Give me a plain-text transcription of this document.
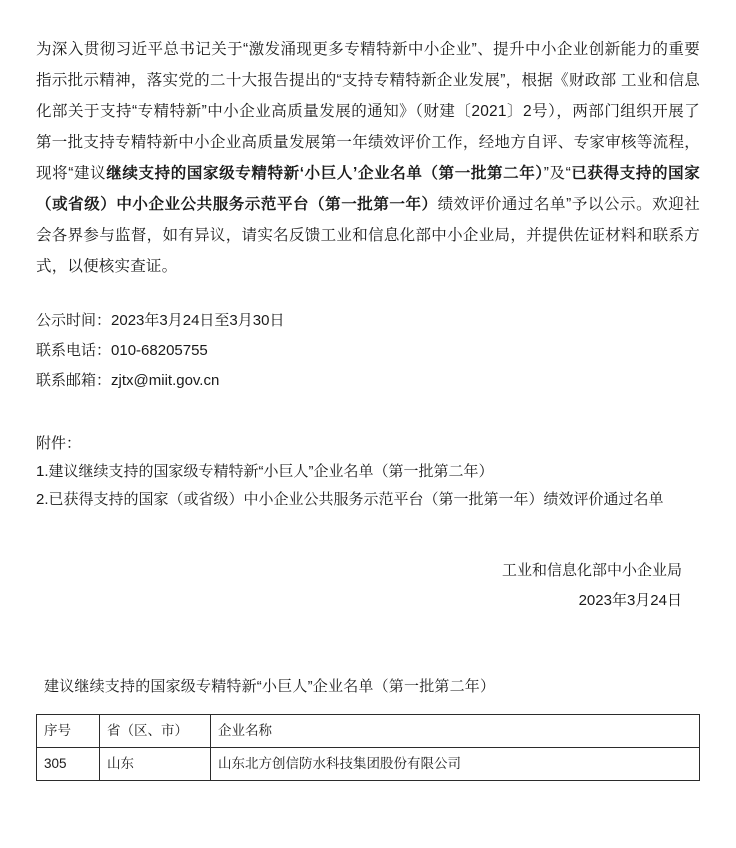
为深入贯彻习近平总书记关于“激发涌现更多专精特新中小企业”、提升中小企业创新能力的重要指示批示精神，落实党的二十大报告提出的“支持专精特新企业发展”，根据《财政部 工业和信息化部关于支持“专精特新”中小企业高质量发展的通知》（财建〔2021〕2号），两部门组织开展了第一批支持专精特新中小企业高质量发展第一年绩效评价工作，经地方自评、专家审核等流程，现将“建议继续支持的国家级专精特新‘小巨人’企业名单（第一批第二年）”及“已获得支持的国家（或省级）中小企业公共服务示范平台（第一批第一年）绩效评价通过名单”予以公示。欢迎社会各界参与监督，如有异议，请实名反馈工业和信息化部中小企业局，并提供佐证材料和联系方式，以便核实查证。
公示时间：2023年3月24日至3月30日
联系电话：010-68205755
联系邮箱：zjtx@miit.gov.cn
附件：
1.建议继续支持的国家级专精特新“小巨人”企业名单（第一批第二年）
2.已获得支持的国家（或省级）中小企业公共服务示范平台（第一批第一年）绩效评价通过名单
工业和信息化部中小企业局
2023年3月24日
建议继续支持的国家级专精特新“小巨人”企业名单（第一批第二年）
序号	省（区、市）	企业名称
305	山东	山东北方创信防水科技集团股份有限公司
